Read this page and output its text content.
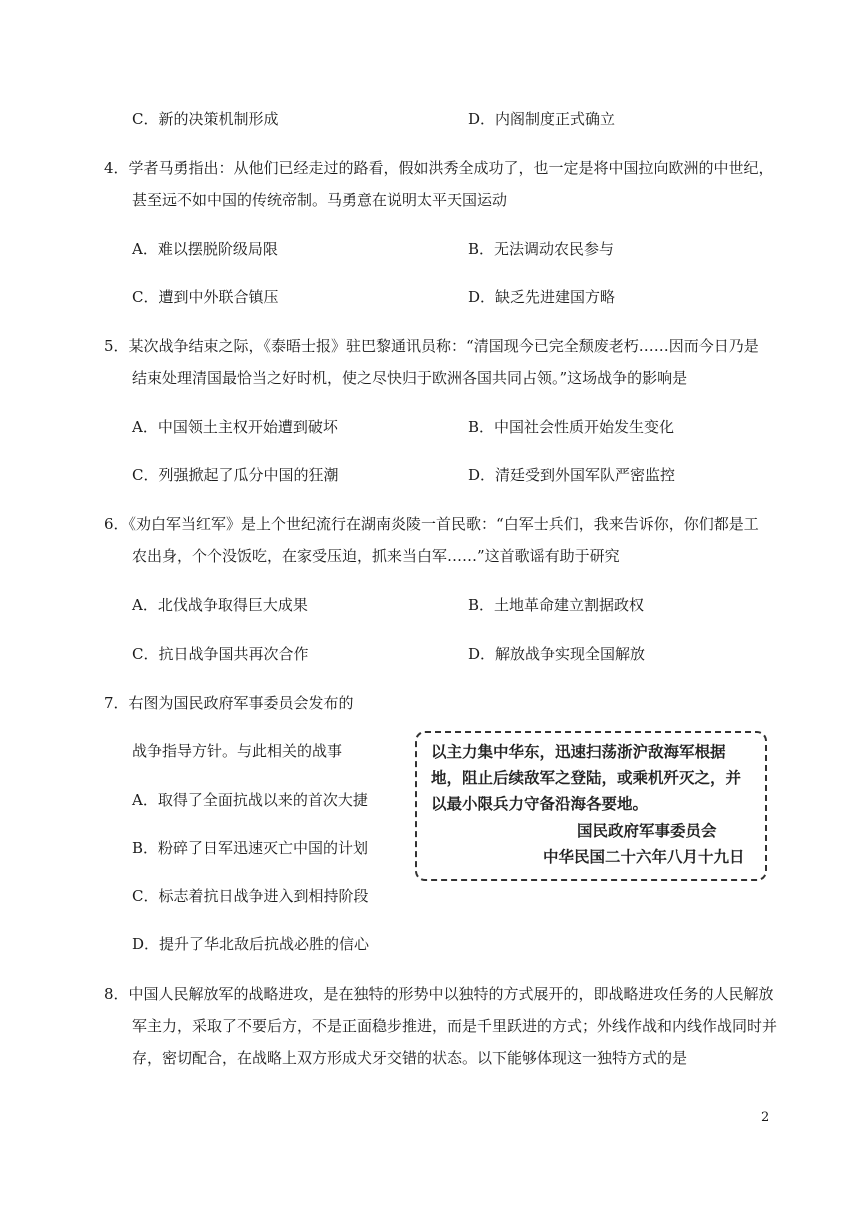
C．新的决策机制形成	D．内阁制度正式确立
4．学者马勇指出：从他们已经走过的路看，假如洪秀全成功了，也一定是将中国拉向欧洲的中世纪，
甚至远不如中国的传统帝制。马勇意在说明太平天国运动
A．难以摆脱阶级局限	B．无法调动农民参与
C．遭到中外联合镇压	D．缺乏先进建国方略
5．某次战争结束之际，《泰晤士报》驻巴黎通讯员称：“清国现今已完全颓废老朽……因而今日乃是
结束处理清国最恰当之好时机，使之尽快归于欧洲各国共同占领。”这场战争的影响是
A．中国领土主权开始遭到破坏	B．中国社会性质开始发生变化
C．列强掀起了瓜分中国的狂潮	D．清廷受到外国军队严密监控
6．《劝白军当红军》是上个世纪流行在湖南炎陵一首民歌：“白军士兵们，我来告诉你，你们都是工
农出身，个个没饭吃，在家受压迫，抓来当白军……”这首歌谣有助于研究
A．北伐战争取得巨大成果	B．土地革命建立割据政权
C．抗日战争国共再次合作	D．解放战争实现全国解放
7．右图为国民政府军事委员会发布的
战争指导方针。与此相关的战事
A．取得了全面抗战以来的首次大捷
B．粉碎了日军迅速灭亡中国的计划
C．标志着抗日战争进入到相持阶段
D．提升了华北敌后抗战必胜的信心
以主力集中华东，迅速扫荡浙沪敌海军根据
地，阻止后续敌军之登陆，或乘机歼灭之，并
以最小限兵力守备沿海各要地。
国民政府军事委员会
中华民国二十六年八月十九日
8．中国人民解放军的战略进攻，是在独特的形势中以独特的方式展开的，即战略进攻任务的人民解放
军主力，采取了不要后方，不是正面稳步推进，而是千里跃进的方式；外线作战和内线作战同时并
存，密切配合，在战略上双方形成犬牙交错的状态。以下能够体现这一独特方式的是
2
